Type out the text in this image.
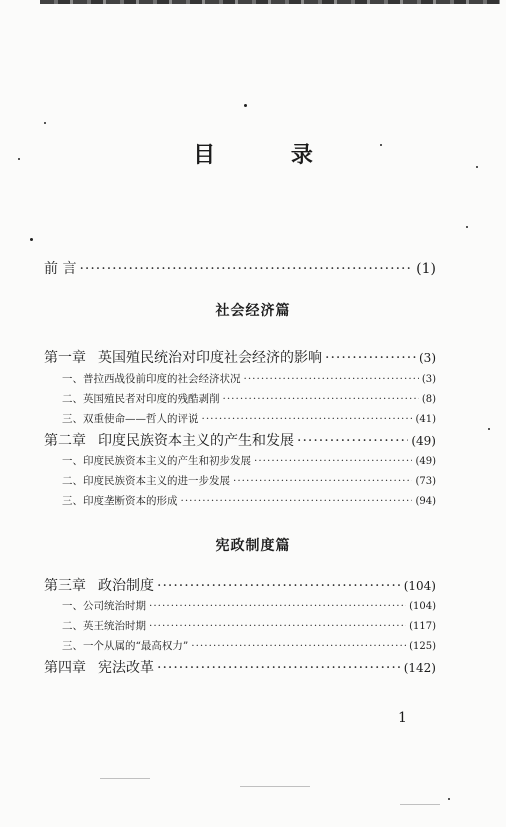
目 录
前 言 ·····	(1)
社会经济篇
第一章 英国殖民统治对印度社会经济的影响 ·····	(3)
一、普拉西战役前印度的社会经济状况 ·····	(3)
二、英国殖民者对印度的残酷剥削 ·····	(8)
三、双重使命——哲人的评说 ·····	(41)
第二章 印度民族资本主义的产生和发展 ·····	(49)
一、印度民族资本主义的产生和初步发展 ·····	(49)
二、印度民族资本主义的进一步发展 ·····	(73)
三、印度垄断资本的形成 ·····	(94)
宪政制度篇
第三章 政治制度 ·····	(104)
一、公司统治时期 ·····	(104)
二、英王统治时期 ·····	(117)
三、一个从属的“最高权力” ·····	(125)
第四章 宪法改革 ·····	(142)
1
